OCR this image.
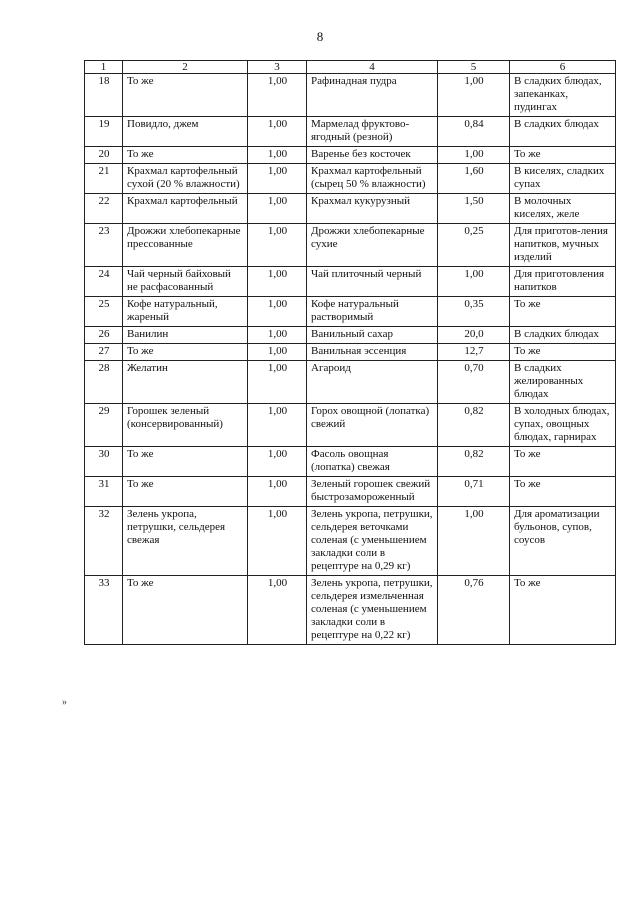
8
1	2	3	4	5	6
18	То же	1,00	Рафинадная пудра	1,00	В сладких блюдах, запеканках, пудингах
19	Повидло, джем	1,00	Мармелад фруктово-ягодный (резной)	0,84	В сладких блюдах
20	То же	1,00	Варенье без косточек	1,00	То же
21	Крахмал картофельный сухой (20 % влажности)	1,00	Крахмал картофельный (сырец 50 % влажности)	1,60	В киселях, сладких супах
22	Крахмал картофельный	1,00	Крахмал кукурузный	1,50	В молочных киселях, желе
23	Дрожжи хлебопекарные прессованные	1,00	Дрожжи хлебопекарные сухие	0,25	Для приготов-ления напитков, мучных изделий
24	Чай черный байховый не расфасованный	1,00	Чай плиточный черный	1,00	Для приготовления напитков
25	Кофе натуральный, жареный	1,00	Кофе натуральный растворимый	0,35	То же
26	Ванилин	1,00	Ванильный сахар	20,0	В сладких блюдах
27	То же	1,00	Ванильная эссенция	12,7	То же
28	Желатин	1,00	Агароид	0,70	В сладких желированных блюдах
29	Горошек зеленый (консервированный)	1,00	Горох овощной (лопатка) свежий	0,82	В холодных блюдах, супах, овощных блюдах, гарнирах
30	То же	1,00	Фасоль овощная (лопатка) свежая	0,82	То же
31	То же	1,00	Зеленый горошек свежий быстрозамороженный	0,71	То же
32	Зелень укропа, петрушки, сельдерея свежая	1,00	Зелень укропа, петрушки, сельдерея веточками соленая (с уменьшением закладки соли в рецептуре на 0,29 кг)	1,00	Для ароматизации бульонов, супов, соусов
33	То же	1,00	Зелень укропа, петрушки, сельдерея измельченная соленая (с уменьшением закладки соли в рецептуре на 0,22 кг)	0,76	То же
»
